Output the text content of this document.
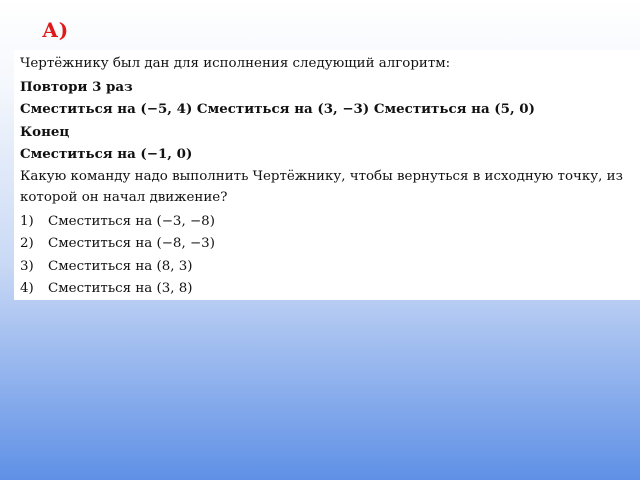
А)
Чертёжнику был дан для исполнения следующий алгоритм:
Повтори 3 раз
Сместиться на (−5, 4) Сместиться на (3, −3) Сместиться на (5, 0)
Конец
Сместиться на (−1, 0)
Какую команду надо выполнить Чертёжнику, чтобы вернуться в исходную точку, из которой он начал движение?
1) Сместиться на (−3, −8)
2) Сместиться на (−8, −3)
3) Сместиться на (8, 3)
4) Сместиться на (3, 8)
